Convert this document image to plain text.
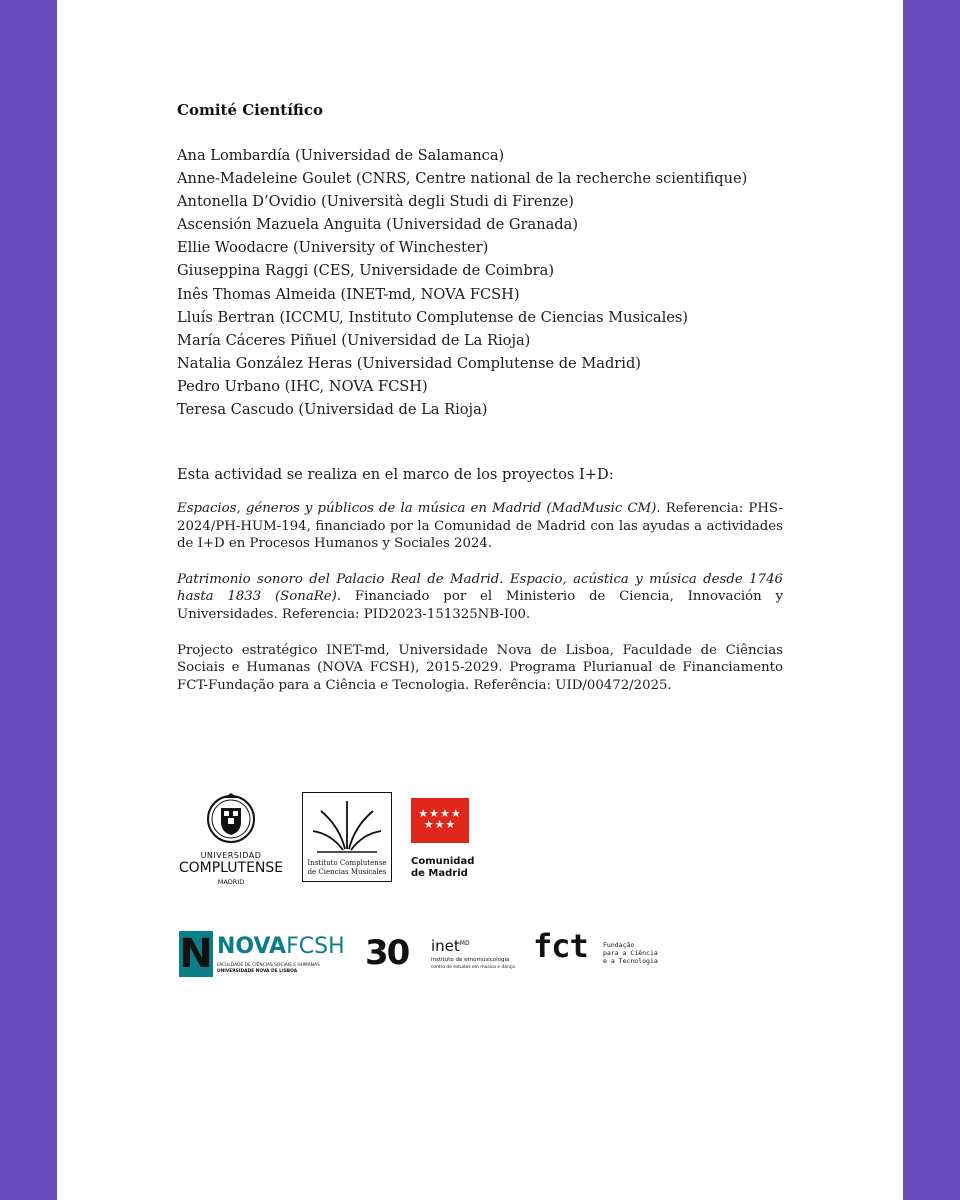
Comité Científico
Ana Lombardía (Universidad de Salamanca)
Anne-Madeleine Goulet (CNRS, Centre national de la recherche scientifique)
Antonella D’Ovidio (Università degli Studi di Firenze)
Ascensión Mazuela Anguita (Universidad de Granada)
Ellie Woodacre (University of Winchester)
Giuseppina Raggi (CES, Universidade de Coimbra)
Inês Thomas Almeida (INET-md, NOVA FCSH)
Lluís Bertran (ICCMU, Instituto Complutense de Ciencias Musicales)
María Cáceres Piñuel (Universidad de La Rioja)
Natalia González Heras (Universidad Complutense de Madrid)
Pedro Urbano (IHC, NOVA FCSH)
Teresa Cascudo (Universidad de La Rioja)
Esta actividad se realiza en el marco de los proyectos I+D:

Espacios, géneros y públicos de la música en Madrid (MadMusic CM). Referencia: PHS-2024/PH-HUM-194, financiado por la Comunidad de Madrid con las ayudas a actividades de I+D en Procesos Humanos y Sociales 2024.

Patrimonio sonoro del Palacio Real de Madrid. Espacio, acústica y música desde 1746 hasta 1833 (SonaRe). Financiado por el Ministerio de Ciencia, Innovación y Universidades. Referencia: PID2023-151325NB-I00.

Projecto estratégico INET-md, Universidade Nova de Lisboa, Faculdade de Ciências Sociais e Humanas (NOVA FCSH), 2015-2029. Programa Plurianual de Financiamento FCT-Fundação para a Ciência e Tecnologia. Referência: UID/00472/2025.

UNIVERSIDAD
COMPLUTENSE
MADRID
Instituto Complutense
de Ciencias Musicales
★★★★
★★★
Comunidad
de Madrid
N NOVAFCSH
FACULDADE DE CIÊNCIAS SOCIAIS E HUMANAS
UNIVERSIDADE NOVA DE LISBOA 30 inet$^{MD}$
instituto de etnomusicologia
centro de estudos em música e dança
fct Fundação
para a Ciência
e a Tecnologia
